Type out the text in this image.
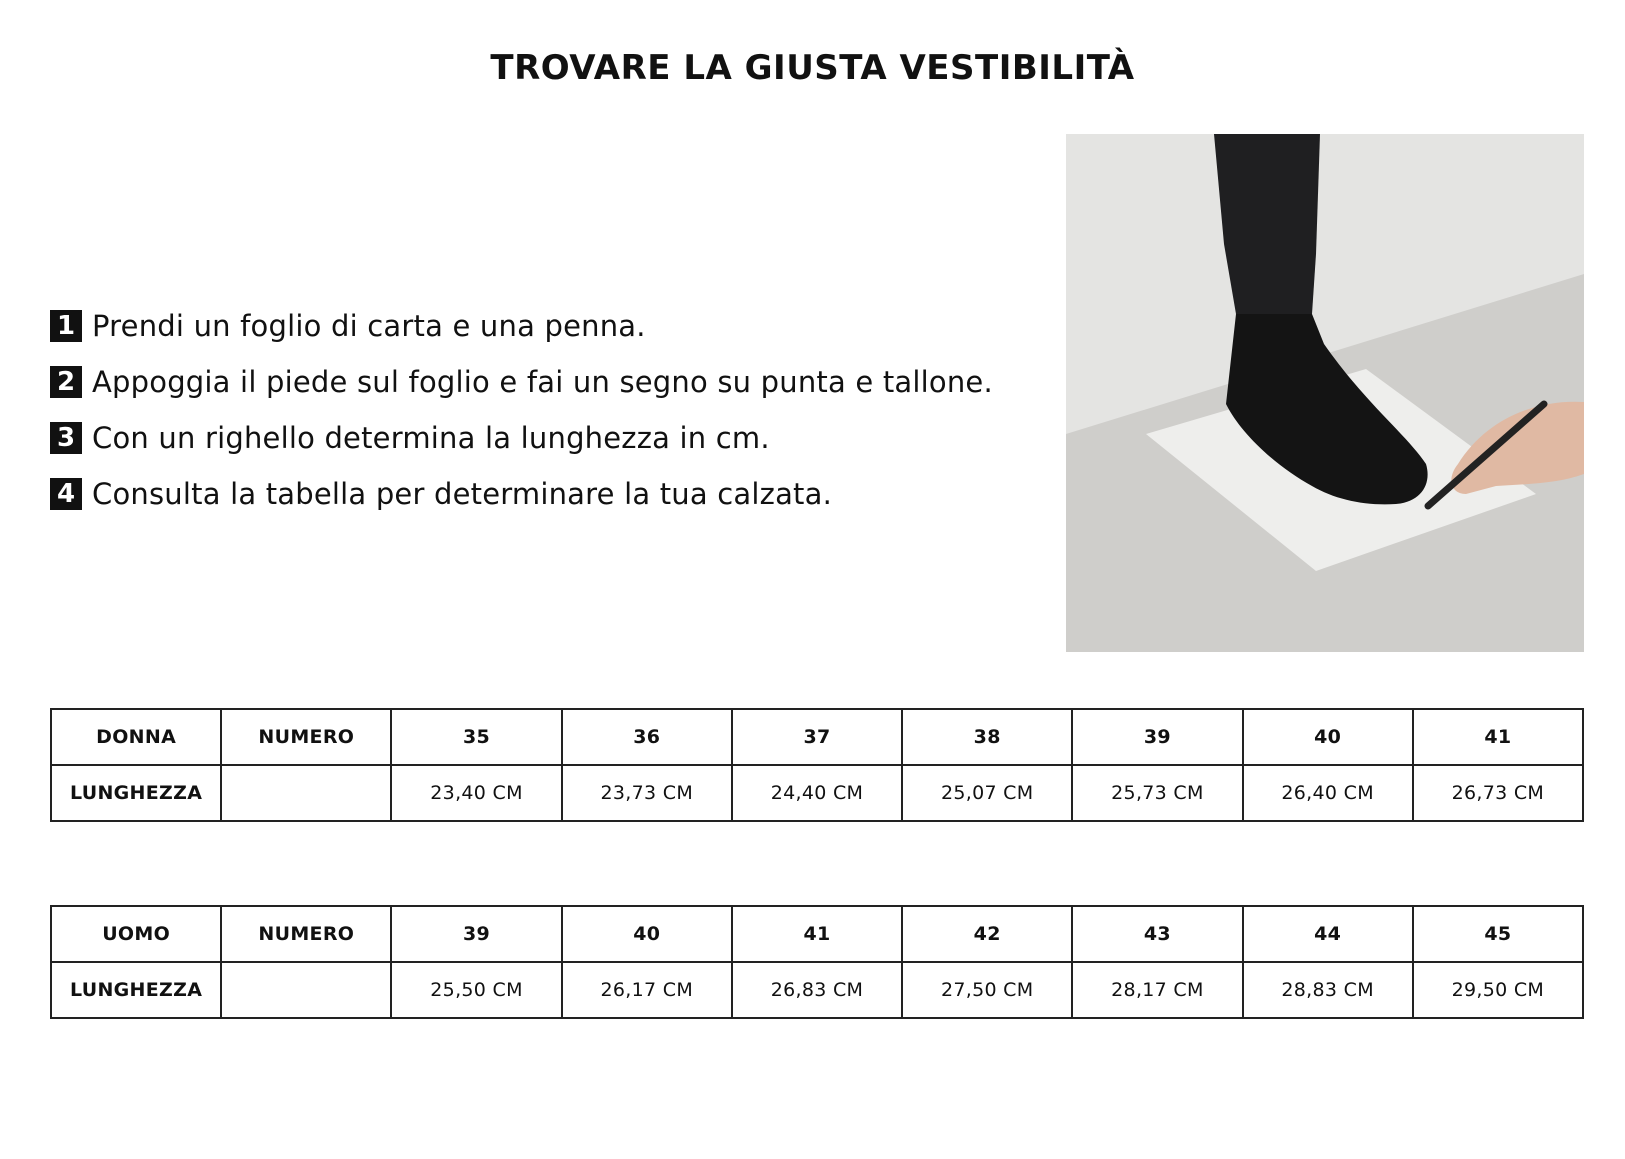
TROVARE LA GIUSTA VESTIBILITÀ
1 Prendi un foglio di carta e una penna.
2 Appoggia il piede sul foglio e fai un segno su punta e tallone.
3 Con un righello determina la lunghezza in cm.
4 Consulta la tabella per determinare la tua calzata.
DONNA	NUMERO	35	36	37	38	39	40	41
LUNGHEZZA		23,40 CM	23,73 CM	24,40 CM	25,07 CM	25,73 CM	26,40 CM	26,73 CM
UOMO	NUMERO	39	40	41	42	43	44	45
LUNGHEZZA		25,50 CM	26,17 CM	26,83 CM	27,50 CM	28,17 CM	28,83 CM	29,50 CM
